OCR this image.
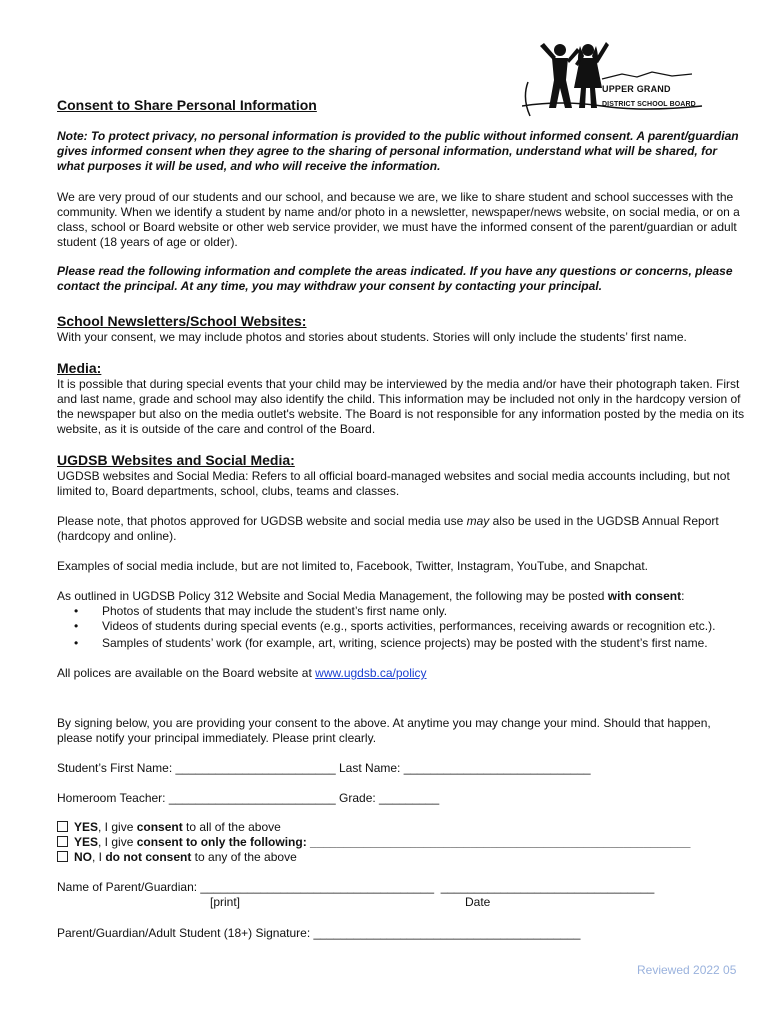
UPPER GRAND
DISTRICT SCHOOL BOARD
Consent to Share Personal Information
Note: To protect privacy, no personal information is provided to the public without informed consent. A parent/guardian gives informed consent when they agree to the sharing of personal information, understand what will be shared, for what purposes it will be used, and who will receive the information.
We are very proud of our students and our school, and because we are, we like to share student and school successes with the community. When we identify a student by name and/or photo in a newsletter, newspaper/news website, on social media, or on a class, school or Board website or other web service provider, we must have the informed consent of the parent/guardian or adult student (18 years of age or older).
Please read the following information and complete the areas indicated. If you have any questions or concerns, please contact the principal. At any time, you may withdraw your consent by contacting your principal.
School Newsletters/School Websites:
With your consent, we may include photos and stories about students. Stories will only include the students’ first name.
Media:
It is possible that during special events that your child may be interviewed by the media and/or have their photograph taken. First and last name, grade and school may also identify the child. This information may be included not only in the hardcopy version of the newspaper but also on the media outlet's website. The Board is not responsible for any information posted by the media on its website, as it is outside of the care and control of the Board.
UGDSB Websites and Social Media:
UGDSB websites and Social Media: Refers to all official board-managed websites and social media accounts including, but not limited to, Board departments, school, clubs, teams and classes.
Please note, that photos approved for UGDSB website and social media use may also be used in the UGDSB Annual Report (hardcopy and online).
Examples of social media include, but are not limited to, Facebook, Twitter, Instagram, YouTube, and Snapchat.
As outlined in UGDSB Policy 312 Website and Social Media Management, the following may be posted with consent:
• Photos of students that may include the student’s first name only.
• Videos of students during special events (e.g., sports activities, performances, receiving awards or recognition etc.).
• Samples of students’ work (for example, art, writing, science projects) may be posted with the student’s first name.
All polices are available on the Board website at www.ugdsb.ca/policy
By signing below, you are providing your consent to the above. At anytime you may change your mind. Should that happen, please notify your principal immediately. Please print clearly.
Student’s First Name: ________________________ Last Name: ____________________________
Homeroom Teacher: _________________________ Grade: _________
YES, I give consent to all of the above
YES, I give consent to only the following: _________________________________________________________
NO, I do not consent to any of the above
Name of Parent/Guardian: ___________________________________ ________________________________
[print]	Date
Parent/Guardian/Adult Student (18+) Signature: ________________________________________
Reviewed 2022 05
